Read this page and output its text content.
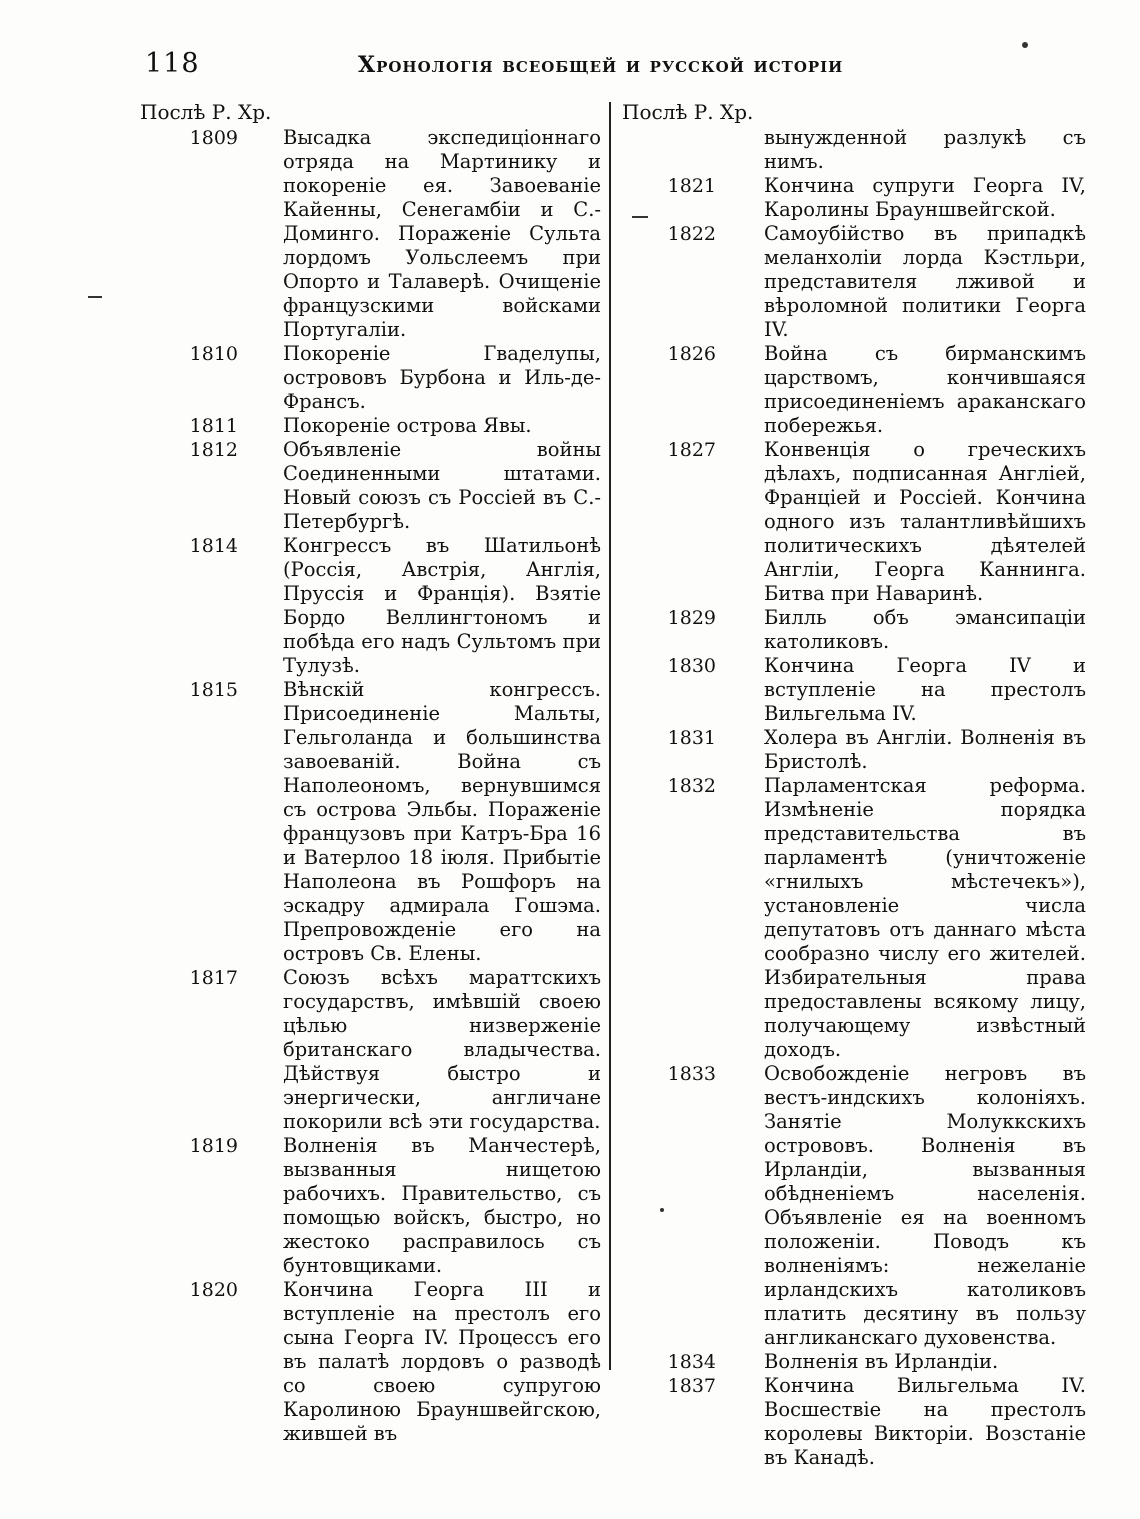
118	Хронологія всеобщей и русской исторіи
Послѣ Р. Хр.
1809 Высадка экспедиціоннаго отряда на Мартинику и покореніе ея. Завоеваніе Кайенны, Сенегамбіи и С.-Доминго. Пораженіе Сульта лордомъ Уольслеемъ при Опорто и Талаверѣ. Очищеніе французскими войсками Португаліи.
1810 Покореніе Гваделупы, острововъ Бурбона и Иль-де-Франсъ.
1811 Покореніе острова Явы.
1812 Объявленіе войны Соединенными штатами. Новый союзъ съ Россіей въ С.-Петербургѣ.
1814 Конгрессъ въ Шатильонѣ (Россія, Австрія, Англія, Пруссія и Франція). Взятіе Бордо Веллингтономъ и побѣда его надъ Сультомъ при Тулузѣ.
1815 Вѣнскій конгрессъ. Присоединеніе Мальты, Гельголанда и большинства завоеваній. Война съ Наполеономъ, вернувшимся съ острова Эльбы. Пораженіе французовъ при Катръ-Бра 16 и Ватерлоо 18 іюля. Прибытіе Наполеона въ Рошфоръ на эскадру адмирала Гошэма. Препровожденіе его на островъ Св. Елены.
1817 Союзъ всѣхъ мараттскихъ государствъ, имѣвшій своею цѣлью низверженіе британскаго владычества. Дѣйствуя быстро и энергически, англичане покорили всѣ эти государства.
1819 Волненія въ Манчестерѣ, вызванныя нищетою рабочихъ. Правительство, съ помощью войскъ, быстро, но жестоко расправилось съ бунтовщиками.
1820 Кончина Георга III и вступленіе на престолъ его сына Георга IV. Процессъ его въ палатѣ лордовъ о разводѣ со своею супругою Каролиною Брауншвейгскою, жившей въ
Послѣ Р. Хр.
вынужденной разлукѣ съ нимъ.
1821 Кончина супруги Георга IV, Каролины Брауншвейгской.
1822 Самоубійство въ припадкѣ меланхоліи лорда Кэстльри, представителя лживой и вѣроломной политики Георга IV.
1826 Война съ бирманскимъ царствомъ, кончившаяся присоединеніемъ араканскаго побережья.
1827 Конвенція о греческихъ дѣлахъ, подписанная Англіей, Франціей и Россіей. Кончина одного изъ талантливѣйшихъ политическихъ дѣятелей Англіи, Георга Каннинга. Битва при Наваринѣ.
1829 Билль объ эмансипаціи католиковъ.
1830 Кончина Георга IV и вступленіе на престолъ Вильгельма IV.
1831 Холера въ Англіи. Волненія въ Бристолѣ.
1832 Парламентская реформа. Измѣненіе порядка представительства въ парламентѣ (уничтоженіе «гнилыхъ мѣстечекъ»), установленіе числа депутатовъ отъ даннаго мѣста сообразно числу его жителей. Избирательныя права предоставлены всякому лицу, получающему извѣстный доходъ.
1833 Освобожденіе негровъ въ вестъ-индскихъ колоніяхъ. Занятіе Молуккскихъ острововъ. Волненія въ Ирландіи, вызванныя обѣдненіемъ населенія. Объявленіе ея на военномъ положеніи. Поводъ къ волненіямъ: нежеланіе ирландскихъ католиковъ платить десятину въ пользу англиканскаго духовенства.
1834 Волненія въ Ирландіи.
1837 Кончина Вильгельма IV. Восшествіе на престолъ королевы Викторіи. Возстаніе въ Канадѣ.
